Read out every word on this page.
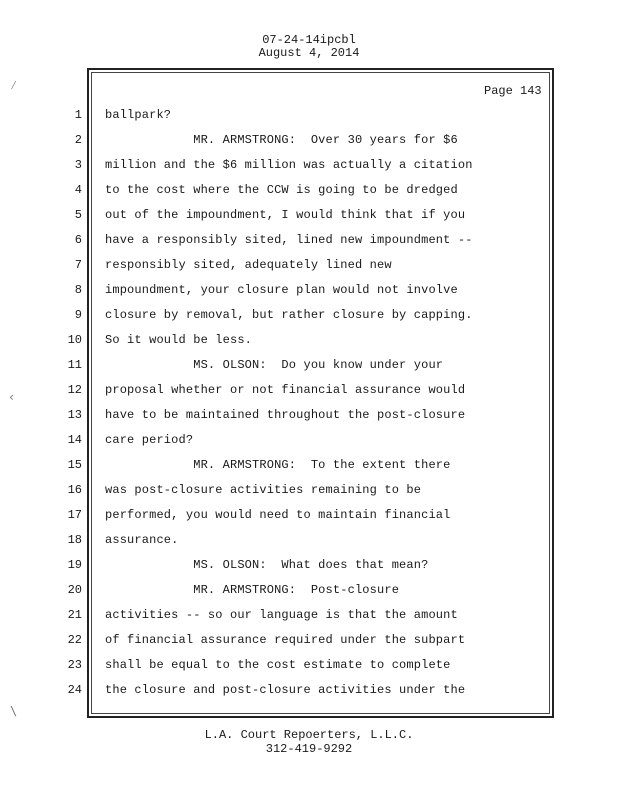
07-24-14ipcbl
August 4, 2014
Page 143
1
2
3
4
5
6
7
8
9
10
11
12
13
14
15
16
17
18
19
20
21
22
23
24
ballpark?
MR. ARMSTRONG:  Over 30 years for $6
million and the $6 million was actually a citation
to the cost where the CCW is going to be dredged
out of the impoundment, I would think that if you
have a responsibly sited, lined new impoundment --
responsibly sited, adequately lined new
impoundment, your closure plan would not involve
closure by removal, but rather closure by capping.
So it would be less.
MS. OLSON:  Do you know under your
proposal whether or not financial assurance would
have to be maintained throughout the post-closure
care period?
MR. ARMSTRONG:  To the extent there
was post-closure activities remaining to be
performed, you would need to maintain financial
assurance.
MS. OLSON:  What does that mean?
MR. ARMSTRONG:  Post-closure
activities -- so our language is that the amount
of financial assurance required under the subpart
shall be equal to the cost estimate to complete
the closure and post-closure activities under the
L.A. Court Repoerters, L.L.C.
312-419-9292
⁄
‹
\
